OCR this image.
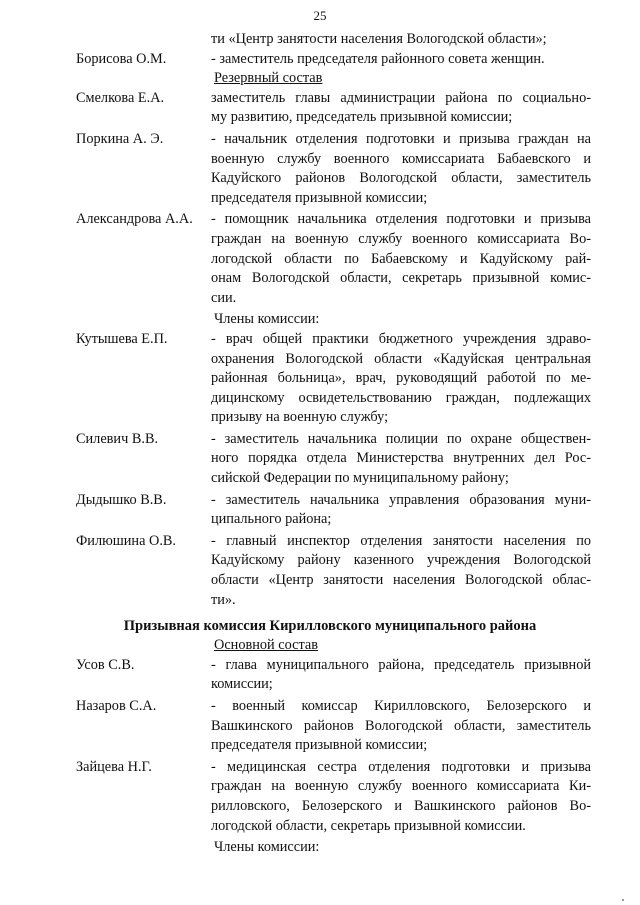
25
ти «Центр занятости населения Вологодской области»;
Борисова О.М.	- заместитель председателя районного совета женщин.
Резервный состав
Смелкова Е.А.	заместитель главы администрации района по социально-
му развитию, председатель призывной комиссии;
Поркина А. Э.	- начальник отделения подготовки и призыва граждан на
военную службу военного комиссариата Бабаевского и
Кадуйского районов Вологодской области, заместитель
председателя призывной комиссии;
Александрова А.А. - помощник начальника отделения подготовки и призыва
граждан на военную службу военного комиссариата Во-
логодской области по Бабаевскому и Кадуйскому рай-
онам Вологодской области, секретарь призывной комис-
сии.
Члены комиссии:
Кутышева Е.П.	- врач общей практики бюджетного учреждения здраво-
охранения Вологодской области «Кадуйская центральная
районная больница», врач, руководящий работой по ме-
дицинскому освидетельствованию граждан, подлежащих
призыву на военную службу;
Силевич В.В.	- заместитель начальника полиции по охране обществен-
ного порядка отдела Министерства внутренних дел Рос-
сийской Федерации по муниципальному району;
Дыдышко В.В.	- заместитель начальника управления образования муни-
ципального района;
Филюшина О.В. - главный инспектор отделения занятости населения по
Кадуйскому району казенного учреждения Вологодской
области «Центр занятости населения Вологодской облас-
ти».
Призывная комиссия Кирилловского муниципального района
Основной состав
Усов С.В.	- глава муниципального района, председатель призывной
комиссии;
Назаров С.А.	- военный комиссар Кирилловского, Белозерского и
Вашкинского районов Вологодской области, заместитель
председателя призывной комиссии;
Зайцева Н.Г.	- медицинская сестра отделения подготовки и призыва
граждан на военную службу военного комиссариата Ки-
рилловского, Белозерского и Вашкинского районов Во-
логодской области, секретарь призывной комиссии.
Члены комиссии:
